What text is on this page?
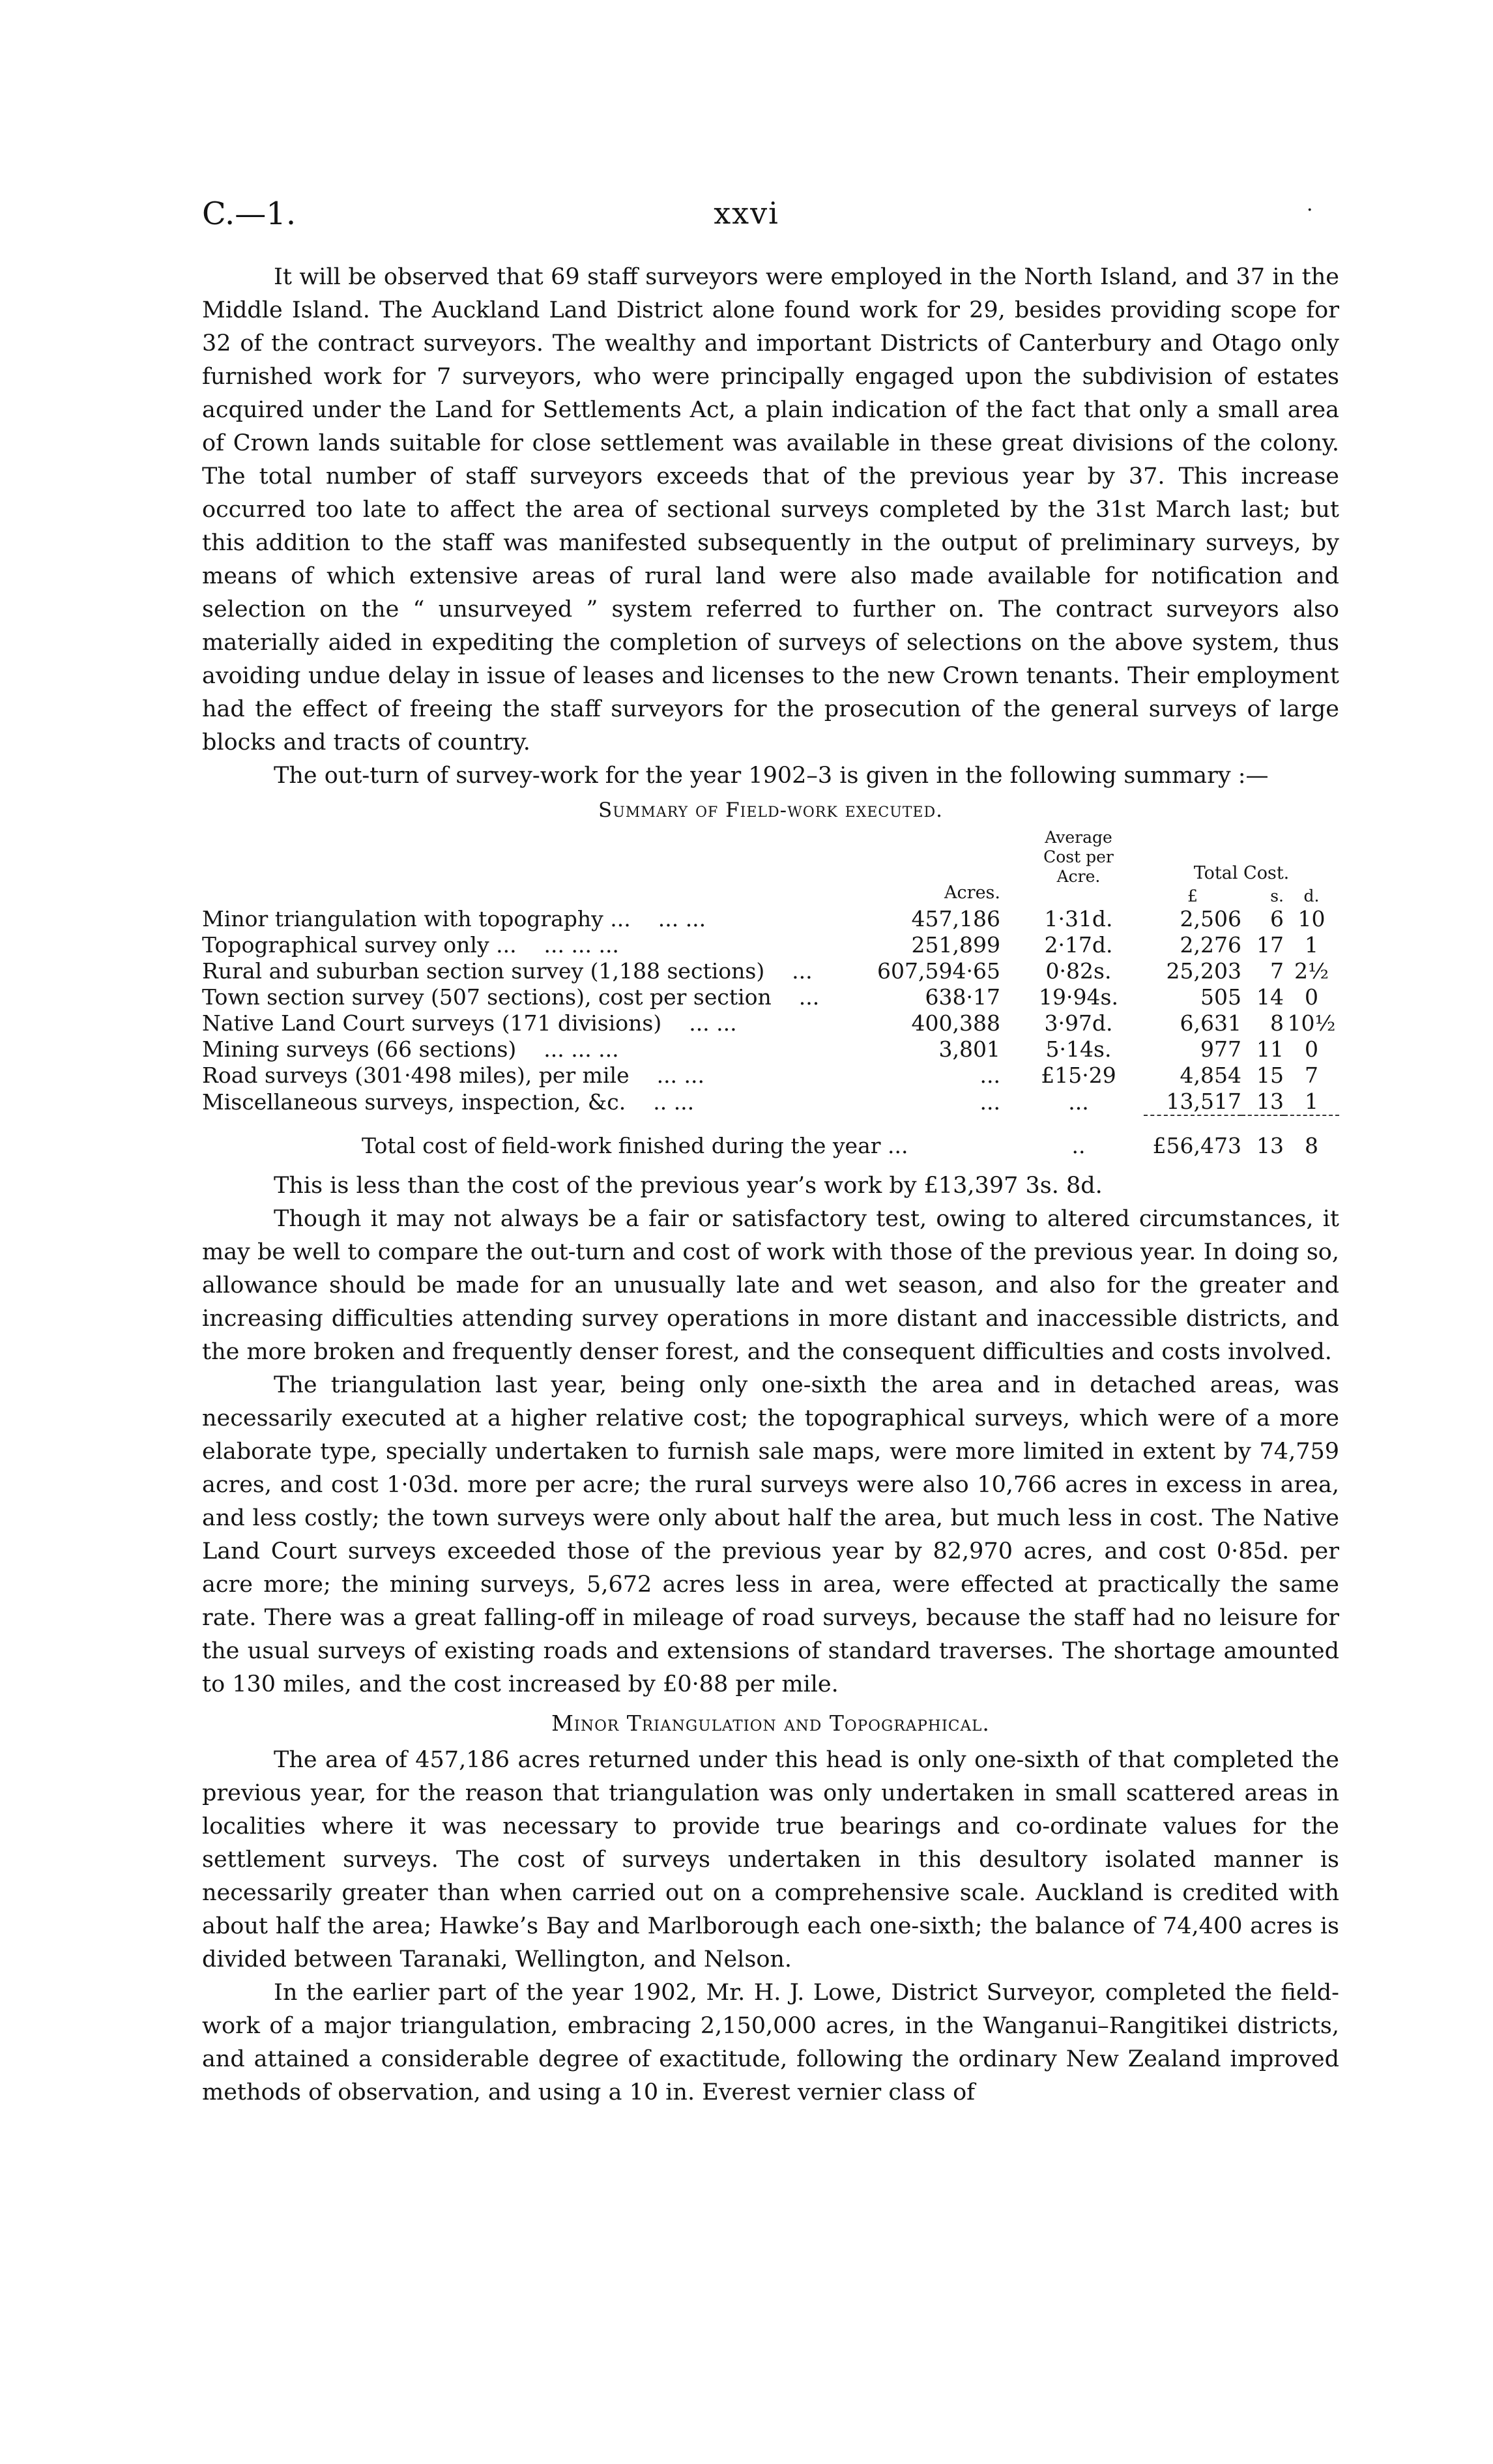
C.—1.	xxvi	·

It will be observed that 69 staff surveyors were employed in the North Island, and 37 in the Middle Island. The Auckland Land District alone found work for 29, besides providing scope for 32 of the contract surveyors. The wealthy and important Districts of Canterbury and Otago only furnished work for 7 surveyors, who were principally engaged upon the subdivision of estates acquired under the Land for Settlements Act, a plain indication of the fact that only a small area of Crown lands suitable for close settlement was available in these great divisions of the colony. The total number of staff surveyors exceeds that of the previous year by 37. This increase occurred too late to affect the area of sectional surveys completed by the 31st March last; but this addition to the staff was manifested subsequently in the output of preliminary surveys, by means of which extensive areas of rural land were also made available for notification and selection on the “ unsurveyed ” system referred to further on. The contract surveyors also materially aided in expediting the completion of surveys of selections on the above system, thus avoiding undue delay in issue of leases and licenses to the new Crown tenants. Their employment had the effect of freeing the staff surveyors for the prosecution of the general surveys of large blocks and tracts of country.

The out-turn of survey-work for the year 1902–3 is given in the following summary :—

Summary of Field-work executed.
	Acres.	Average
Cost per
Acre.	Total Cost.		
			£	s.	d.
Minor triangulation with topography ... ... ...	457,186	1·31d.	2,506	6	10
Topographical survey only ... ... ... ...	251,899	2·17d.	2,276	17	1
Rural and suburban section survey (1,188 sections) ...	607,594·65	0·82s.	25,203	7	2½
Town section survey (507 sections), cost per section ...	638·17	19·94s.	505	14	0
Native Land Court surveys (171 divisions) ... ...	400,388	3·97d.	6,631	8	10½
Mining surveys (66 sections) ... ... ...	3,801	5·14s.	977	11	0
Road surveys (301·498 miles), per mile ... ...	...	£15·29	4,854	15	7
Miscellaneous surveys, inspection, &c. .. ...	...	...	13,517	13	1
Total cost of field-work finished during the year ...		..	£56,473	13	8

This is less than the cost of the previous year’s work by £13,397 3s. 8d.

Though it may not always be a fair or satisfactory test, owing to altered circumstances, it may be well to compare the out-turn and cost of work with those of the previous year. In doing so, allowance should be made for an unusually late and wet season, and also for the greater and increasing difficulties attending survey operations in more distant and inaccessible districts, and the more broken and frequently denser forest, and the consequent difficulties and costs involved.

The triangulation last year, being only one-sixth the area and in detached areas, was necessarily executed at a higher relative cost; the topographical surveys, which were of a more elaborate type, specially undertaken to furnish sale maps, were more limited in extent by 74,759 acres, and cost 1·03d. more per acre; the rural surveys were also 10,766 acres in excess in area, and less costly; the town surveys were only about half the area, but much less in cost. The Native Land Court surveys exceeded those of the previous year by 82,970 acres, and cost 0·85d. per acre more; the mining surveys, 5,672 acres less in area, were effected at practically the same rate. There was a great falling-off in mileage of road surveys, because the staff had no leisure for the usual surveys of existing roads and extensions of standard traverses. The shortage amounted to 130 miles, and the cost increased by £0·88 per mile.

Minor Triangulation and Topographical.

The area of 457,186 acres returned under this head is only one-sixth of that completed the previous year, for the reason that triangulation was only undertaken in small scattered areas in localities where it was necessary to provide true bearings and co-ordinate values for the settlement surveys. The cost of surveys undertaken in this desultory isolated manner is necessarily greater than when carried out on a comprehensive scale. Auckland is credited with about half the area; Hawke’s Bay and Marlborough each one-sixth; the balance of 74,400 acres is divided between Taranaki, Wellington, and Nelson.

In the earlier part of the year 1902, Mr. H. J. Lowe, District Surveyor, completed the field-work of a major triangulation, embracing 2,150,000 acres, in the Wanganui–Rangitikei districts, and attained a considerable degree of exactitude, following the ordinary New Zealand improved methods of observation, and using a 10 in. Everest vernier class of
